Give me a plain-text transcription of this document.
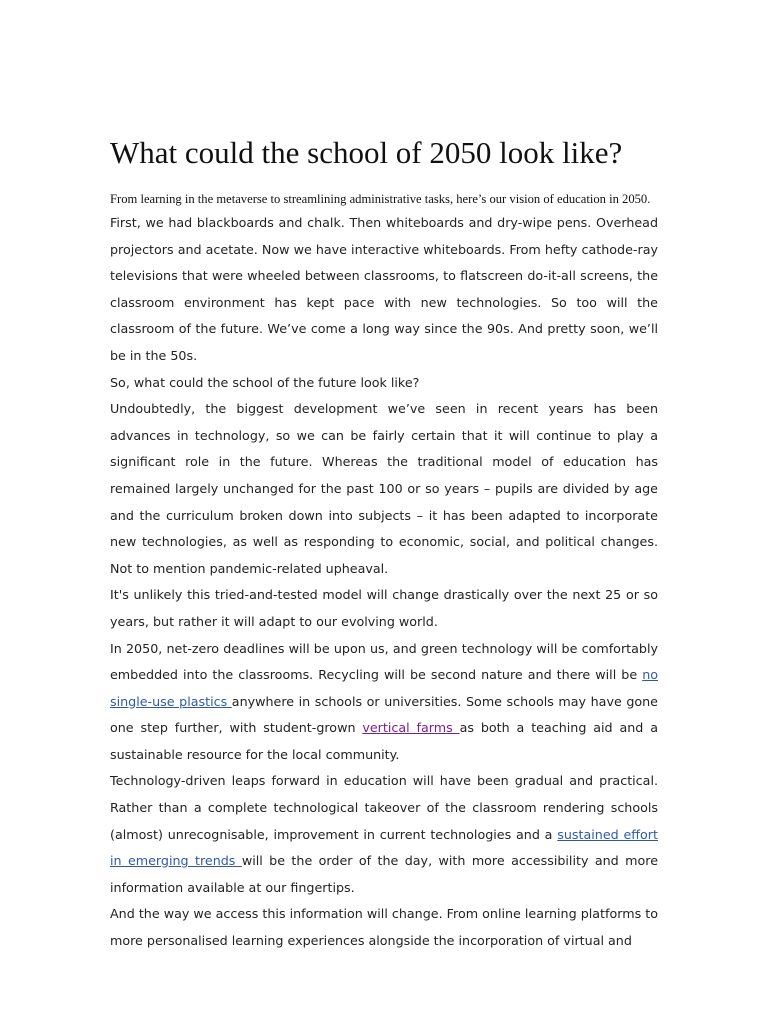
What could the school of 2050 look like?

From learning in the metaverse to streamlining administrative tasks, here’s our vision of education in 2050.

First, we had blackboards and chalk. Then whiteboards and dry-wipe pens. Overhead projectors and acetate. Now we have interactive whiteboards. From hefty cathode-ray televisions that were wheeled between classrooms, to flatscreen do-it-all screens, the classroom environment has kept pace with new technologies. So too will the classroom of the future. We’ve come a long way since the 90s. And pretty soon, we’ll be in the 50s.

So, what could the school of the future look like?

Undoubtedly, the biggest development we’ve seen in recent years has been advances in technology, so we can be fairly certain that it will continue to play a significant role in the future. Whereas the traditional model of education has remained largely unchanged for the past 100 or so years – pupils are divided by age and the curriculum broken down into subjects – it has been adapted to incorporate new technologies, as well as responding to economic, social, and political changes. Not to mention pandemic-related upheaval.

It's unlikely this tried-and-tested model will change drastically over the next 25 or so years, but rather it will adapt to our evolving world.

In 2050, net-zero deadlines will be upon us, and green technology will be comfortably embedded into the classrooms. Recycling will be second nature and there will be no single-use plastics anywhere in schools or universities. Some schools may have gone one step further, with student-grown vertical farms as both a teaching aid and a sustainable resource for the local community.

Technology-driven leaps forward in education will have been gradual and practical. Rather than a complete technological takeover of the classroom rendering schools (almost) unrecognisable, improvement in current technologies and a sustained effort in emerging trends will be the order of the day, with more accessibility and more information available at our fingertips.

And the way we access this information will change. From online learning platforms to more personalised learning experiences alongside the incorporation of virtual and
